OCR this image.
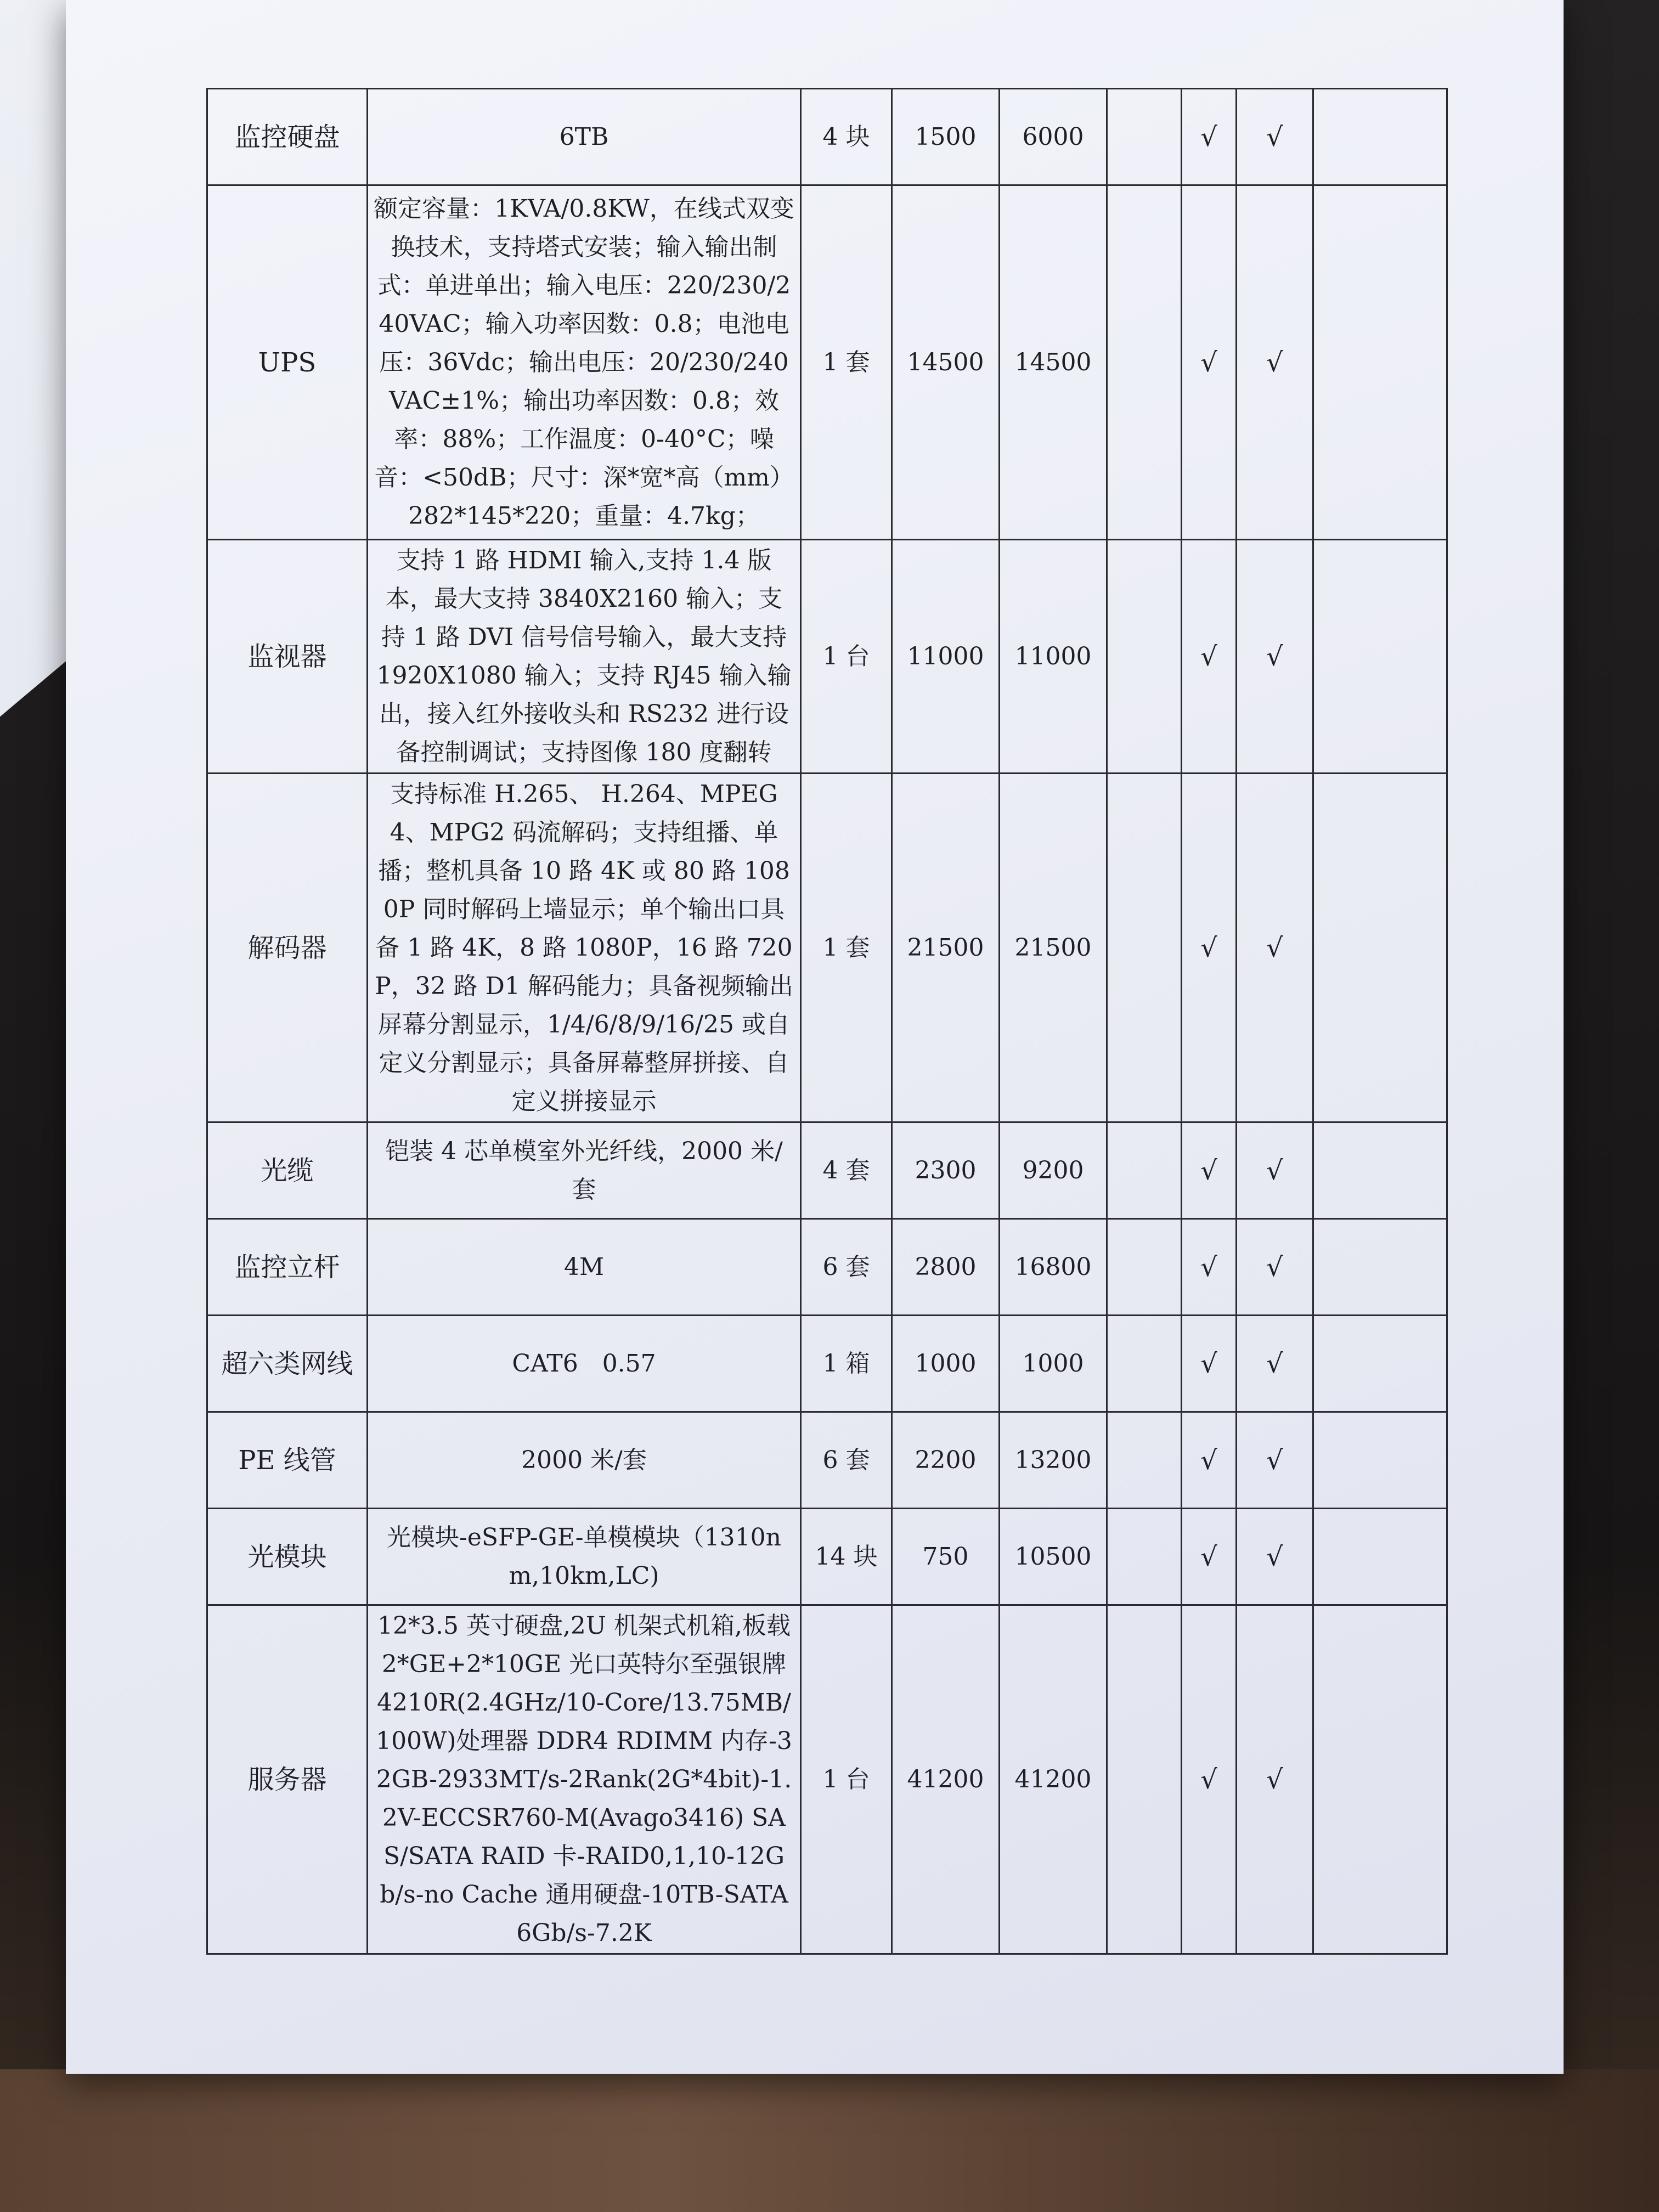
监控硬盘	6TB	4 块	1500	6000		√	√	
UPS	额定容量：1KVA/0.8KW，在线式双变换技术，支持塔式安装；输入输出制式：单进单出；输入电压：220/230/240VAC；输入功率因数：0.8；电池电压：36Vdc；输出电压：20/230/240VAC±1%；输出功率因数：0.8；效率：88%；工作温度：0-40°C；噪音：<50dB；尺寸：深*宽*高（mm）282*145*220；重量：4.7kg；	1 套	14500	14500		√	√	
监视器	支持 1 路 HDMI 输入,支持 1.4 版本，最大支持 3840X2160 输入；支持 1 路 DVI 信号信号输入，最大支持 1920X1080 输入；支持 RJ45 输入输出，接入红外接收头和 RS232 进行设备控制调试；支持图像 180 度翻转	1 台	11000	11000		√	√	
解码器	支持标准 H.265、 H.264、MPEG4、MPG2 码流解码；支持组播、单播；整机具备 10 路 4K 或 80 路 1080P 同时解码上墙显示；单个输出口具备 1 路 4K，8 路 1080P，16 路 720P，32 路 D1 解码能力；具备视频输出屏幕分割显示，1/4/6/8/9/16/25 或自定义分割显示；具备屏幕整屏拼接、自定义拼接显示	1 套	21500	21500		√	√	
光缆	铠装 4 芯单模室外光纤线，2000 米/套	4 套	2300	9200		√	√	
监控立杆	4M	6 套	2800	16800		√	√	
超六类网线	CAT6　0.57	1 箱	1000	1000		√	√	
PE 线管	2000 米/套	6 套	2200	13200		√	√	
光模块	光模块-eSFP-GE-单模模块（1310nm,10km,LC)	14 块	750	10500		√	√	
服务器	12*3.5 英寸硬盘,2U 机架式机箱,板载 2*GE+2*10GE 光口英特尔至强银牌 4210R(2.4GHz/10-Core/13.75MB/100W)处理器 DDR4 RDIMM 内存-32GB-2933MT/s-2Rank(2G*4bit)-1.2V-ECCSR760-M(Avago3416) SAS/SATA RAID 卡-RAID0,1,10-12Gb/s-no Cache 通用硬盘-10TB-SATA 6Gb/s-7.2K	1 台	41200	41200		√	√	
